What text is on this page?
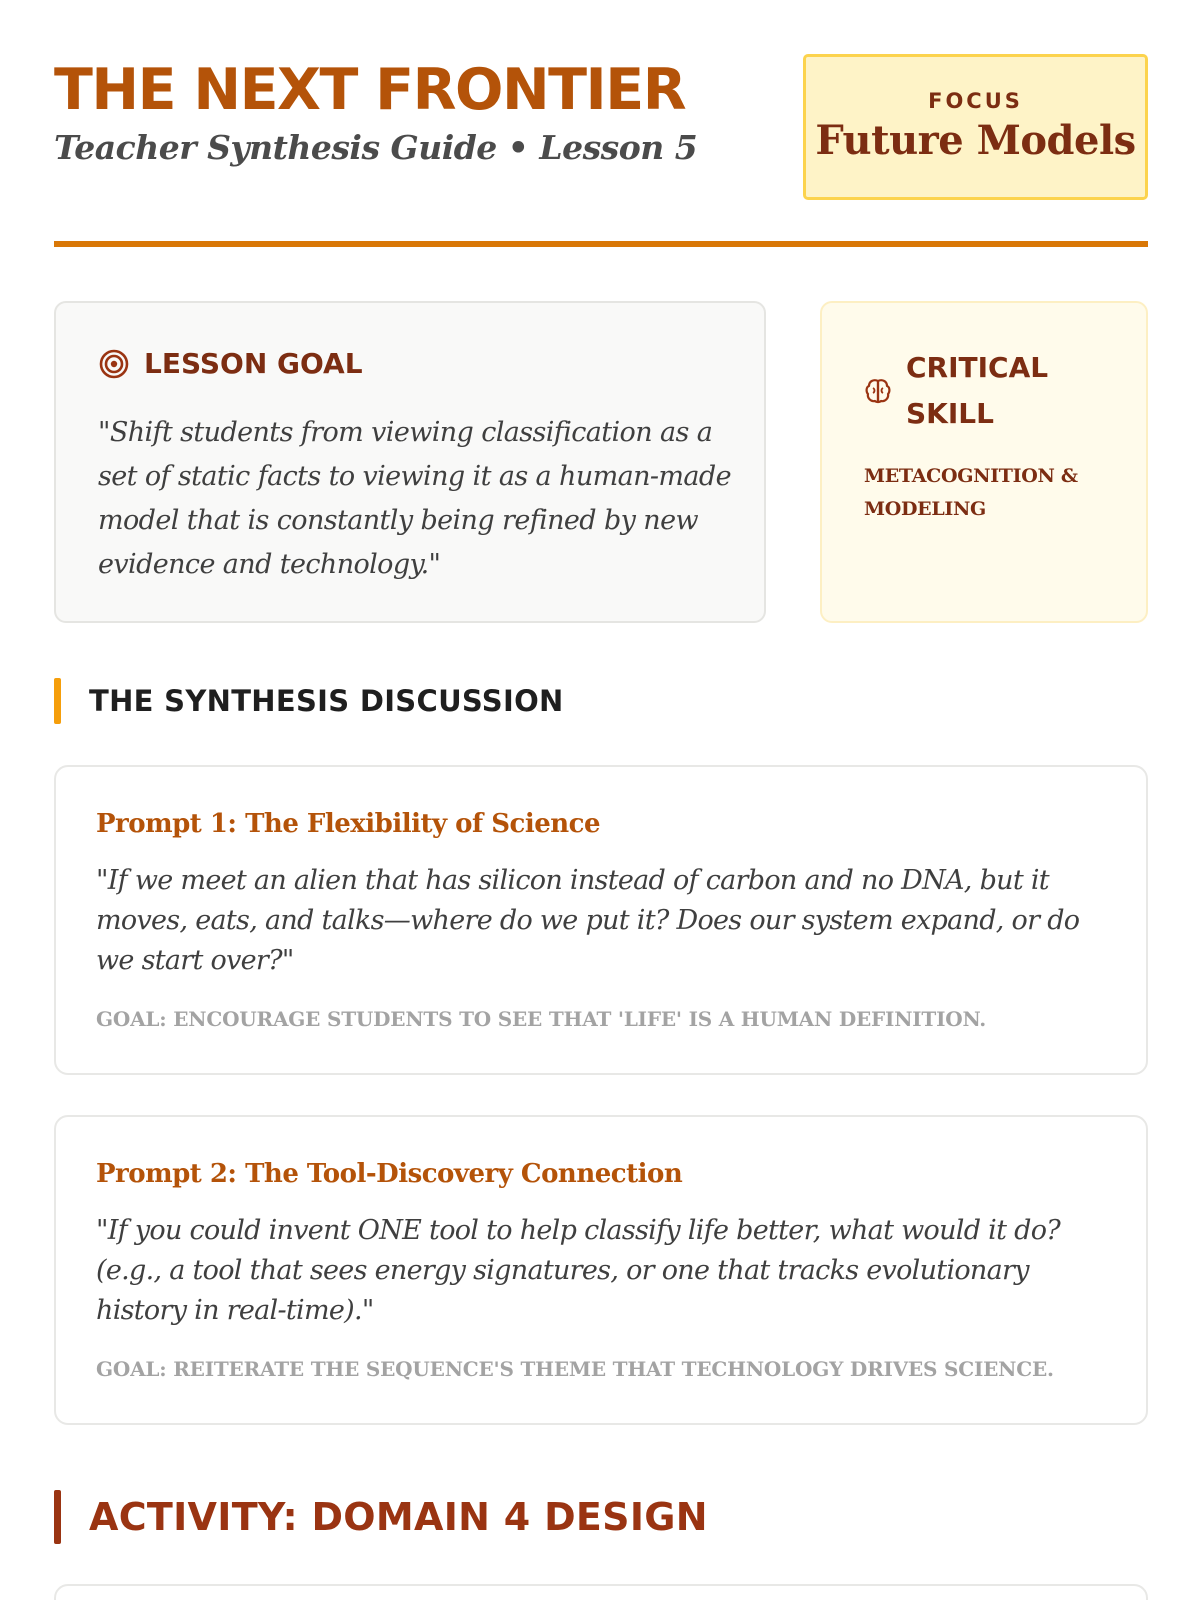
THE NEXT FRONTIER
Teacher Synthesis Guide • Lesson 5
FOCUS
Future Models
LESSON GOAL
"Shift students from viewing classification as a set of static facts to viewing it as a human-made model that is constantly being refined by new evidence and technology."
CRITICAL SKILL
METACOGNITION & MODELING
THE SYNTHESIS DISCUSSION
Prompt 1: The Flexibility of Science
"If we meet an alien that has silicon instead of carbon and no DNA, but it moves, eats, and talks—where do we put it? Does our system expand, or do we start over?"
GOAL: ENCOURAGE STUDENTS TO SEE THAT 'LIFE' IS A HUMAN DEFINITION.
Prompt 2: The Tool-Discovery Connection
"If you could invent ONE tool to help classify life better, what would it do? (e.g., a tool that sees energy signatures, or one that tracks evolutionary history in real-time)."
GOAL: REITERATE THE SEQUENCE'S THEME THAT TECHNOLOGY DRIVES SCIENCE.
ACTIVITY: DOMAIN 4 DESIGN
